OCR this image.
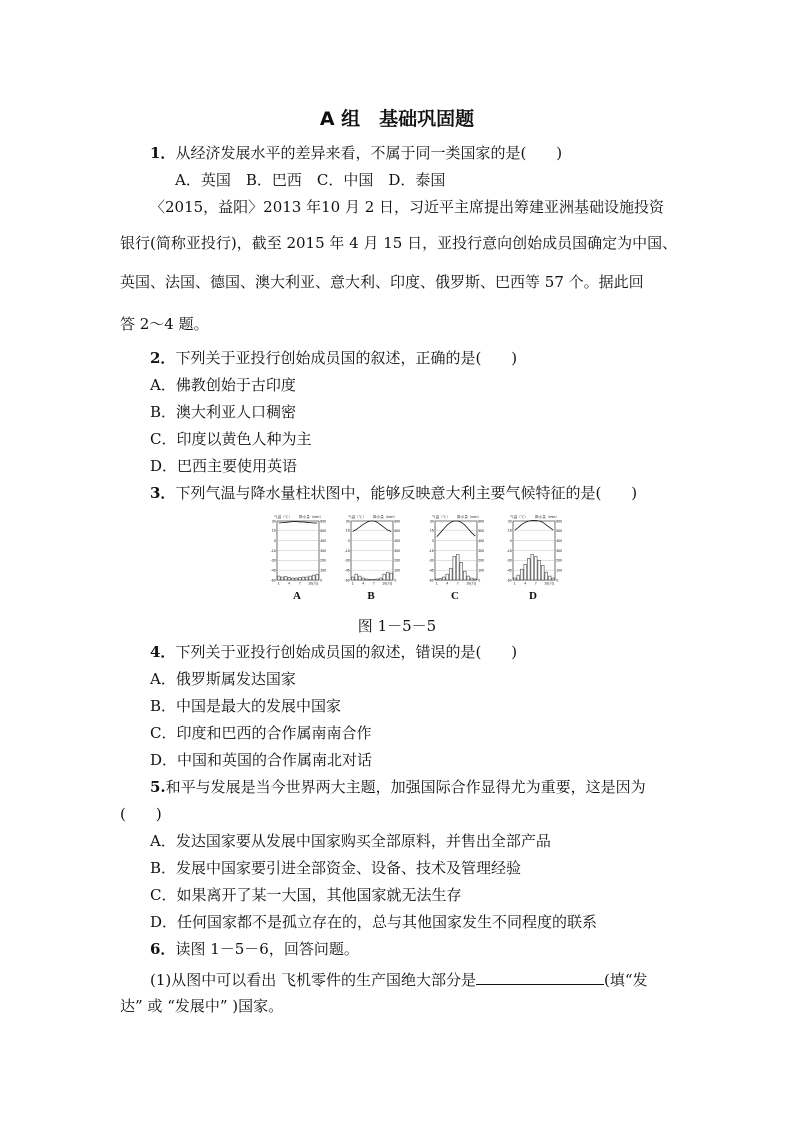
A 组　基础巩固题
1．从经济发展水平的差异来看，不属于同一类国家的是(　　)
A．英国　B．巴西　C．中国　D．泰国
〈2015，益阳〉2013 年10 月 2 日，习近平主席提出筹建亚洲基础设施投资
银行(简称亚投行)，截至 2015 年 4 月 15 日，亚投行意向创始成员国确定为中国、
英国、法国、德国、澳大利亚、意大利、印度、俄罗斯、巴西等 57 个。据此回
答 2～4 题。
2．下列关于亚投行创始成员国的叙述，正确的是(　　)
A．佛教创始于古印度
B．澳大利亚人口稠密
C．印度以黄色人种为主
D．巴西主要使用英语
3．下列气温与降水量柱状图中，能够反映意大利主要气候特征的是(　　)
气温（℃） 降水量（mm）
30
16
0
-15
-30
-45
-60
600
500
400
300
200
100
0
1 4 7 10(月)
A
气温（℃） 降水量（mm）
30
16
0
-15
-30
-45
-60
600
500
400
300
200
100
0
1 4 7 10(月)
B
气温（℃） 降水量（mm）
30
16
0
-15
-30
-45
-60
600
500
400
300
200
100
0
1 4 7 10(月)
C
气温（℃） 降水量（mm）
30
16
0
-15
-30
-45
-60
600
500
400
300
200
100
0
1 4 7 10(月)
D
图 1－5－5
4．下列关于亚投行创始成员国的叙述，错误的是(　　)
A．俄罗斯属发达国家
B．中国是最大的发展中国家
C．印度和巴西的合作属南南合作
D．中国和英国的合作属南北对话
5.和平与发展是当今世界两大主题，加强国际合作显得尤为重要，这是因为
(　　)
A．发达国家要从发展中国家购买全部原料，并售出全部产品
B．发展中国家要引进全部资金、设备、技术及管理经验
C．如果离开了某一大国，其他国家就无法生存
D．任何国家都不是孤立存在的，总与其他国家发生不同程度的联系
6．读图 1－5－6，回答问题。
(1)从图中可以看出 飞机零件的生产国绝大部分是	(填“发
达” 或 “发展中” )国家。
